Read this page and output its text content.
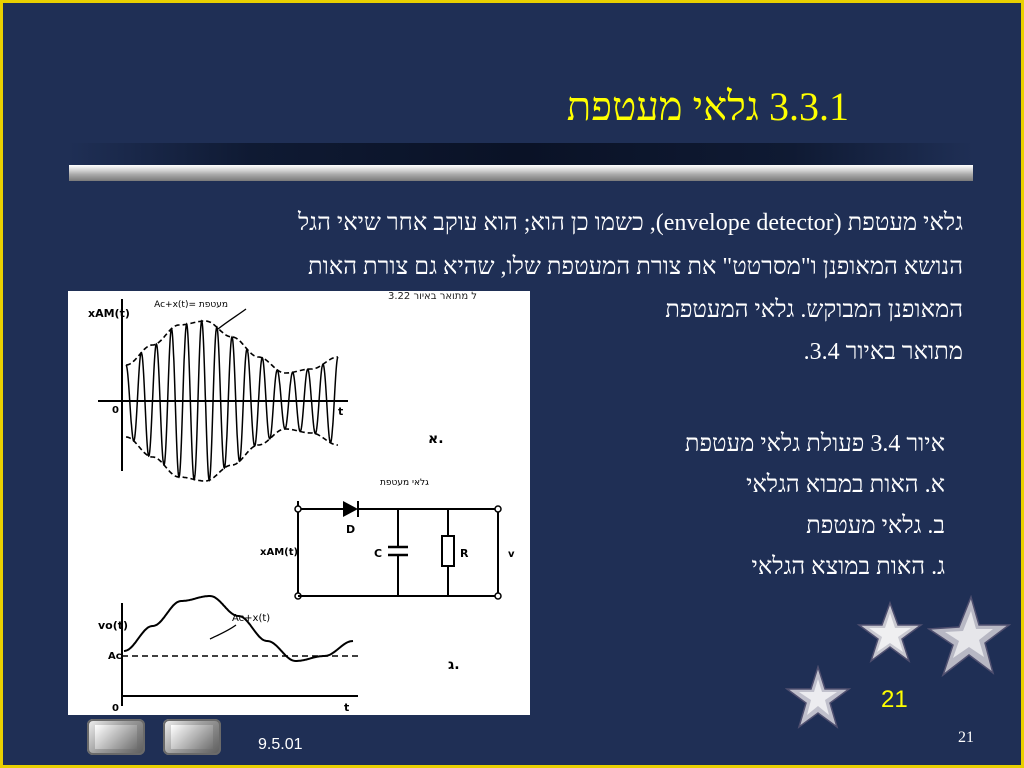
3.3.1 גלאי מעטפת
גלאי מעטפת (envelope detector), כשמו כן הוא; הוא עוקב אחר שיאי הגל
הנושא המאופנן ו"מסרטט" את צורת המעטפת שלו, שהיא גם צורת האות
המאופנן המבוקש. גלאי המעטפת
מתואר באיור 3.4.
איור 3.4 פעולת גלאי מעטפת
א. האות במבוא הגלאי
ב. גלאי מעטפת
ג. האות במוצא הגלאי
ל מתואר באיור 3.22
xAM(t)
0	t
מעטפת =Ac+x(t)
א.
גלאי מעטפת
D
C	R
xAM(t)	v
vo(t)
Ac
0	t
Ac+x(t)
ג.
21
9.5.01	21
